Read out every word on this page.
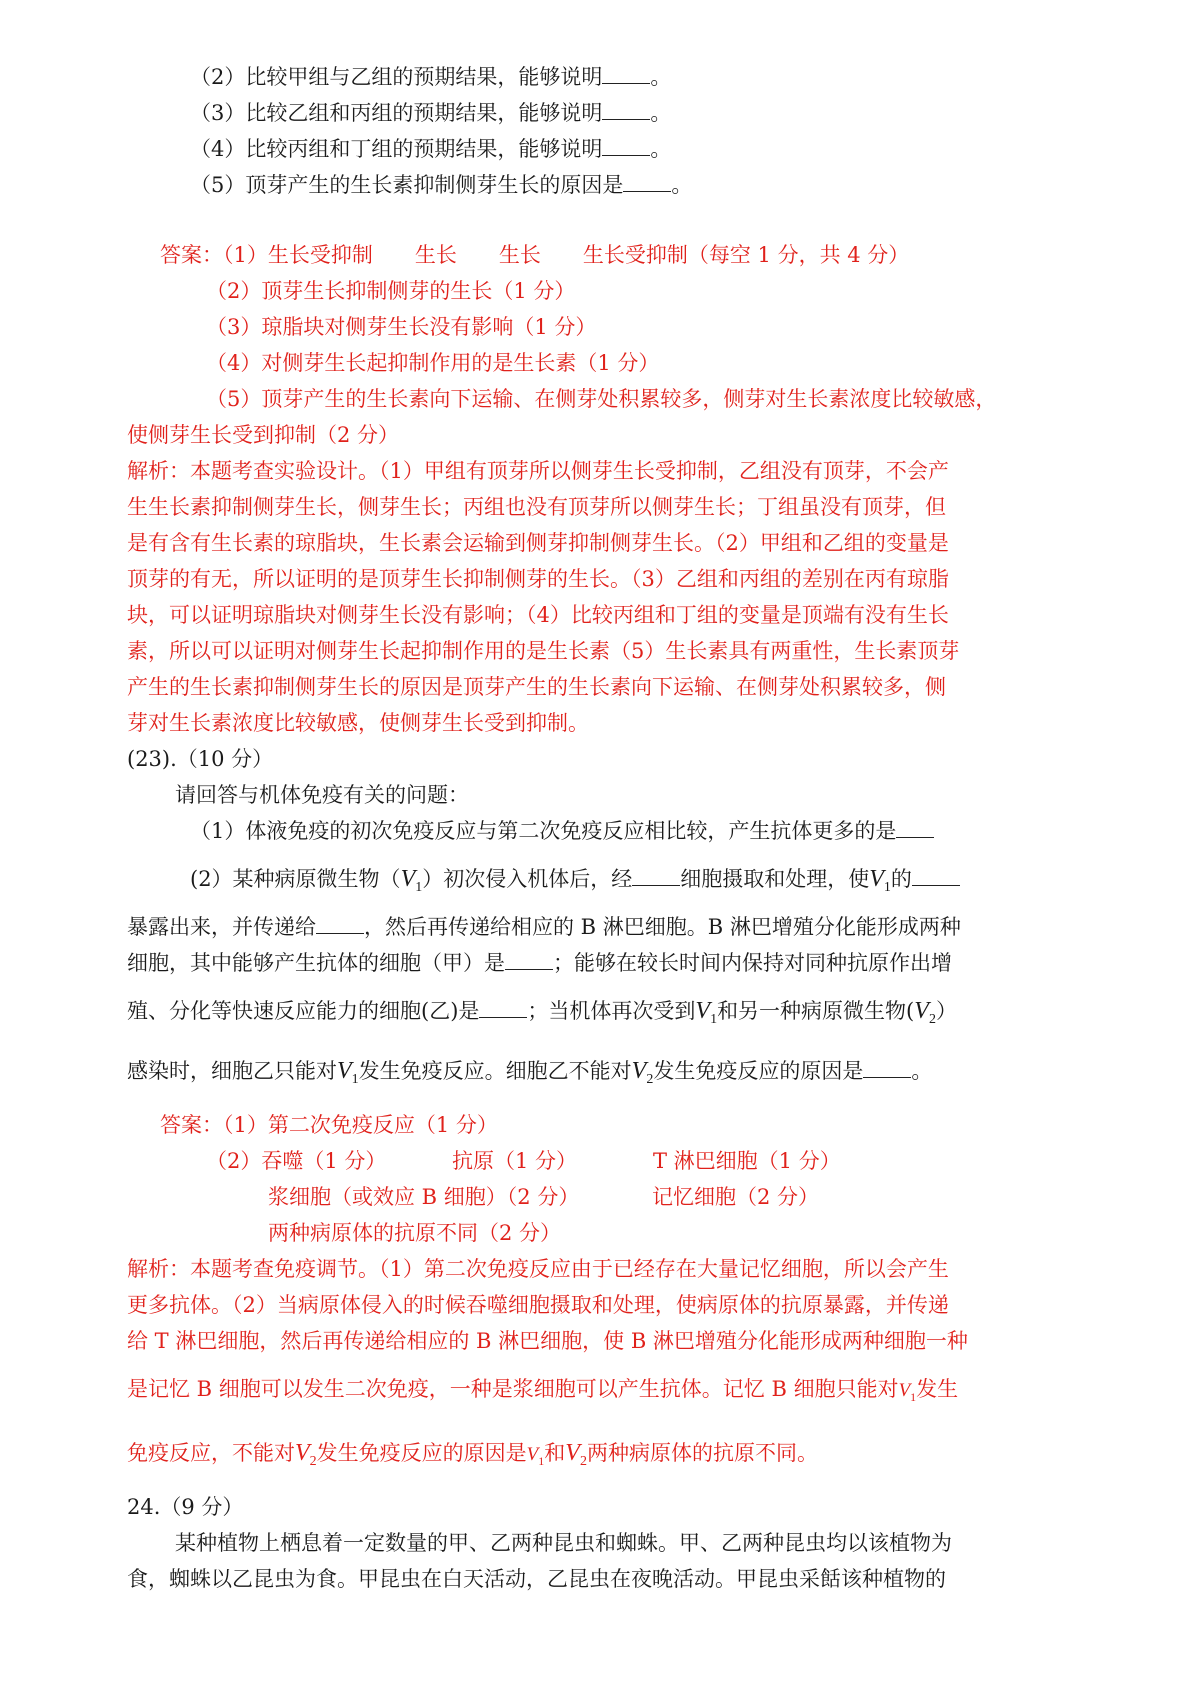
（2）比较甲组与乙组的预期结果，能够说明 。
（3）比较乙组和丙组的预期结果，能够说明 。
（4）比较丙组和丁组的预期结果，能够说明 。
（5）顶芽产生的生长素抑制侧芽生长的原因是 。
答案：（1）生长受抑制　　生长　　生长　　生长受抑制（每空 1 分，共 4 分）
（2）顶芽生长抑制侧芽的生长（1 分）
（3）琼脂块对侧芽生长没有影响（1 分）
（4）对侧芽生长起抑制作用的是生长素（1 分）
（5）顶芽产生的生长素向下运输、在侧芽处积累较多，侧芽对生长素浓度比较敏感，
使侧芽生长受到抑制（2 分）
解析：本题考查实验设计。（1）甲组有顶芽所以侧芽生长受抑制，乙组没有顶芽，不会产
生生长素抑制侧芽生长，侧芽生长；丙组也没有顶芽所以侧芽生长；丁组虽没有顶芽，但
是有含有生长素的琼脂块，生长素会运输到侧芽抑制侧芽生长。（2）甲组和乙组的变量是
顶芽的有无，所以证明的是顶芽生长抑制侧芽的生长。（3）乙组和丙组的差别在丙有琼脂
块，可以证明琼脂块对侧芽生长没有影响；（4）比较丙组和丁组的变量是顶端有没有生长
素，所以可以证明对侧芽生长起抑制作用的是生长素（5）生长素具有两重性，生长素顶芽
产生的生长素抑制侧芽生长的原因是顶芽产生的生长素向下运输、在侧芽处积累较多，侧
芽对生长素浓度比较敏感，使侧芽生长受到抑制。
(23).（10 分）
请回答与机体免疫有关的问题：
（1）体液免疫的初次免疫反应与第二次免疫反应相比较，产生抗体更多的是
(2）某种病原微生物$(V_1)$初次侵入机体后，经 细胞摄取和处理，使$V_1$的
暴露出来，并传递给 ，然后再传递给相应的 B 淋巴细胞。B 淋巴增殖分化能形成两种
细胞，其中能够产生抗体的细胞（甲）是 ；能够在较长时间内保持对同种抗原作出增
殖、分化等快速反应能力的细胞(乙)是 ；当机体再次受到$V_1$和另一种病原微生物$(V_2)$
感染时，细胞乙只能对$V_1$发生免疫反应。细胞乙不能对$V_2$发生免疫反应的原因是 。
答案：（1）第二次免疫反应（1 分）
（2）吞噬（1 分）	抗原（1 分）	T 淋巴细胞（1 分）
浆细胞（或效应 B 细胞）（2 分）	记忆细胞（2 分）
两种病原体的抗原不同（2 分）
解析：本题考查免疫调节。（1）第二次免疫反应由于已经存在大量记忆细胞，所以会产生
更多抗体。（2）当病原体侵入的时候吞噬细胞摄取和处理，使病原体的抗原暴露，并传递
给 T 淋巴细胞，然后再传递给相应的 B 淋巴细胞，使 B 淋巴增殖分化能形成两种细胞一种
是记忆 B 细胞可以发生二次免疫，一种是浆细胞可以产生抗体。记忆 B 细胞只能对$V_1$发生
免疫反应，不能对$V_2$发生免疫反应的原因是$V_1$和$V_2$两种病原体的抗原不同。
24.（9 分）
某种植物上栖息着一定数量的甲、乙两种昆虫和蜘蛛。甲、乙两种昆虫均以该植物为
食，蜘蛛以乙昆虫为食。甲昆虫在白天活动，乙昆虫在夜晚活动。甲昆虫采餂该种植物的
